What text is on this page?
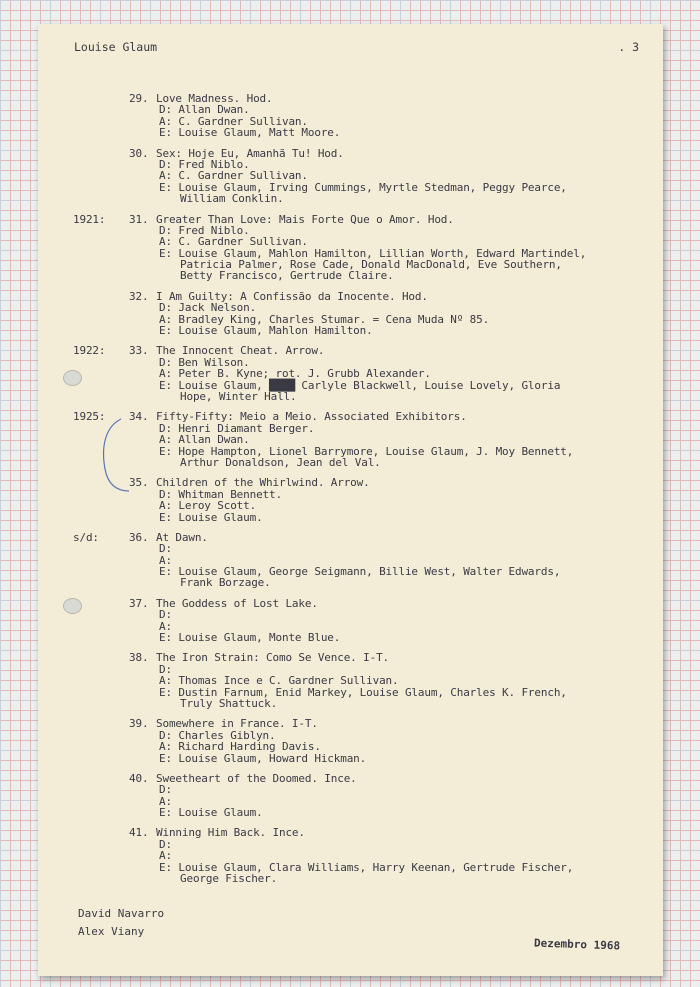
Louise Glaum	. 3
29. Love Madness. Hod.
D: Allan Dwan.
A: C. Gardner Sullivan.
E: Louise Glaum, Matt Moore.
30. Sex: Hoje Eu, Amanhã Tu! Hod.
D: Fred Niblo.
A: C. Gardner Sullivan.
E: Louise Glaum, Irving Cummings, Myrtle Stedman, Peggy Pearce,
William Conklin.
1921: 31. Greater Than Love: Mais Forte Que o Amor. Hod.
D: Fred Niblo.
A: C. Gardner Sullivan.
E: Louise Glaum, Mahlon Hamilton, Lillian Worth, Edward Martindel,
Patricia Palmer, Rose Cade, Donald MacDonald, Eve Southern,
Betty Francisco, Gertrude Claire.
32. I Am Guilty: A Confissão da Inocente. Hod.
D: Jack Nelson.
A: Bradley King, Charles Stumar. = Cena Muda Nº 85.
E: Louise Glaum, Mahlon Hamilton.
1922: 33. The Innocent Cheat. Arrow.
D: Ben Wilson.
A: Peter B. Kyne; rot. J. Grubb Alexander.
E: Louise Glaum, ████ Carlyle Blackwell, Louise Lovely, Gloria
Hope, Winter Hall.
1925: 34. Fifty-Fifty: Meio a Meio. Associated Exhibitors.
D: Henri Diamant Berger.
A: Allan Dwan.
E: Hope Hampton, Lionel Barrymore, Louise Glaum, J. Moy Bennett,
Arthur Donaldson, Jean del Val.
35. Children of the Whirlwind. Arrow.
D: Whitman Bennett.
A: Leroy Scott.
E: Louise Glaum.
s/d:	36. At Dawn.
D:
A:
E: Louise Glaum, George Seigmann, Billie West, Walter Edwards,
Frank Borzage.
37. The Goddess of Lost Lake.
D:
A:
E: Louise Glaum, Monte Blue.
38. The Iron Strain: Como Se Vence. I-T.
D:
A: Thomas Ince e C. Gardner Sullivan.
E: Dustin Farnum, Enid Markey, Louise Glaum, Charles K. French,
Truly Shattuck.
39. Somewhere in France. I-T.
D: Charles Giblyn.
A: Richard Harding Davis.
E: Louise Glaum, Howard Hickman.
40. Sweetheart of the Doomed. Ince.
D:
A:
E: Louise Glaum.
41. Winning Him Back. Ince.
D:
A:
E: Louise Glaum, Clara Williams, Harry Keenan, Gertrude Fischer,
George Fischer.
David Navarro
Alex Viany
Dezembro 1968
